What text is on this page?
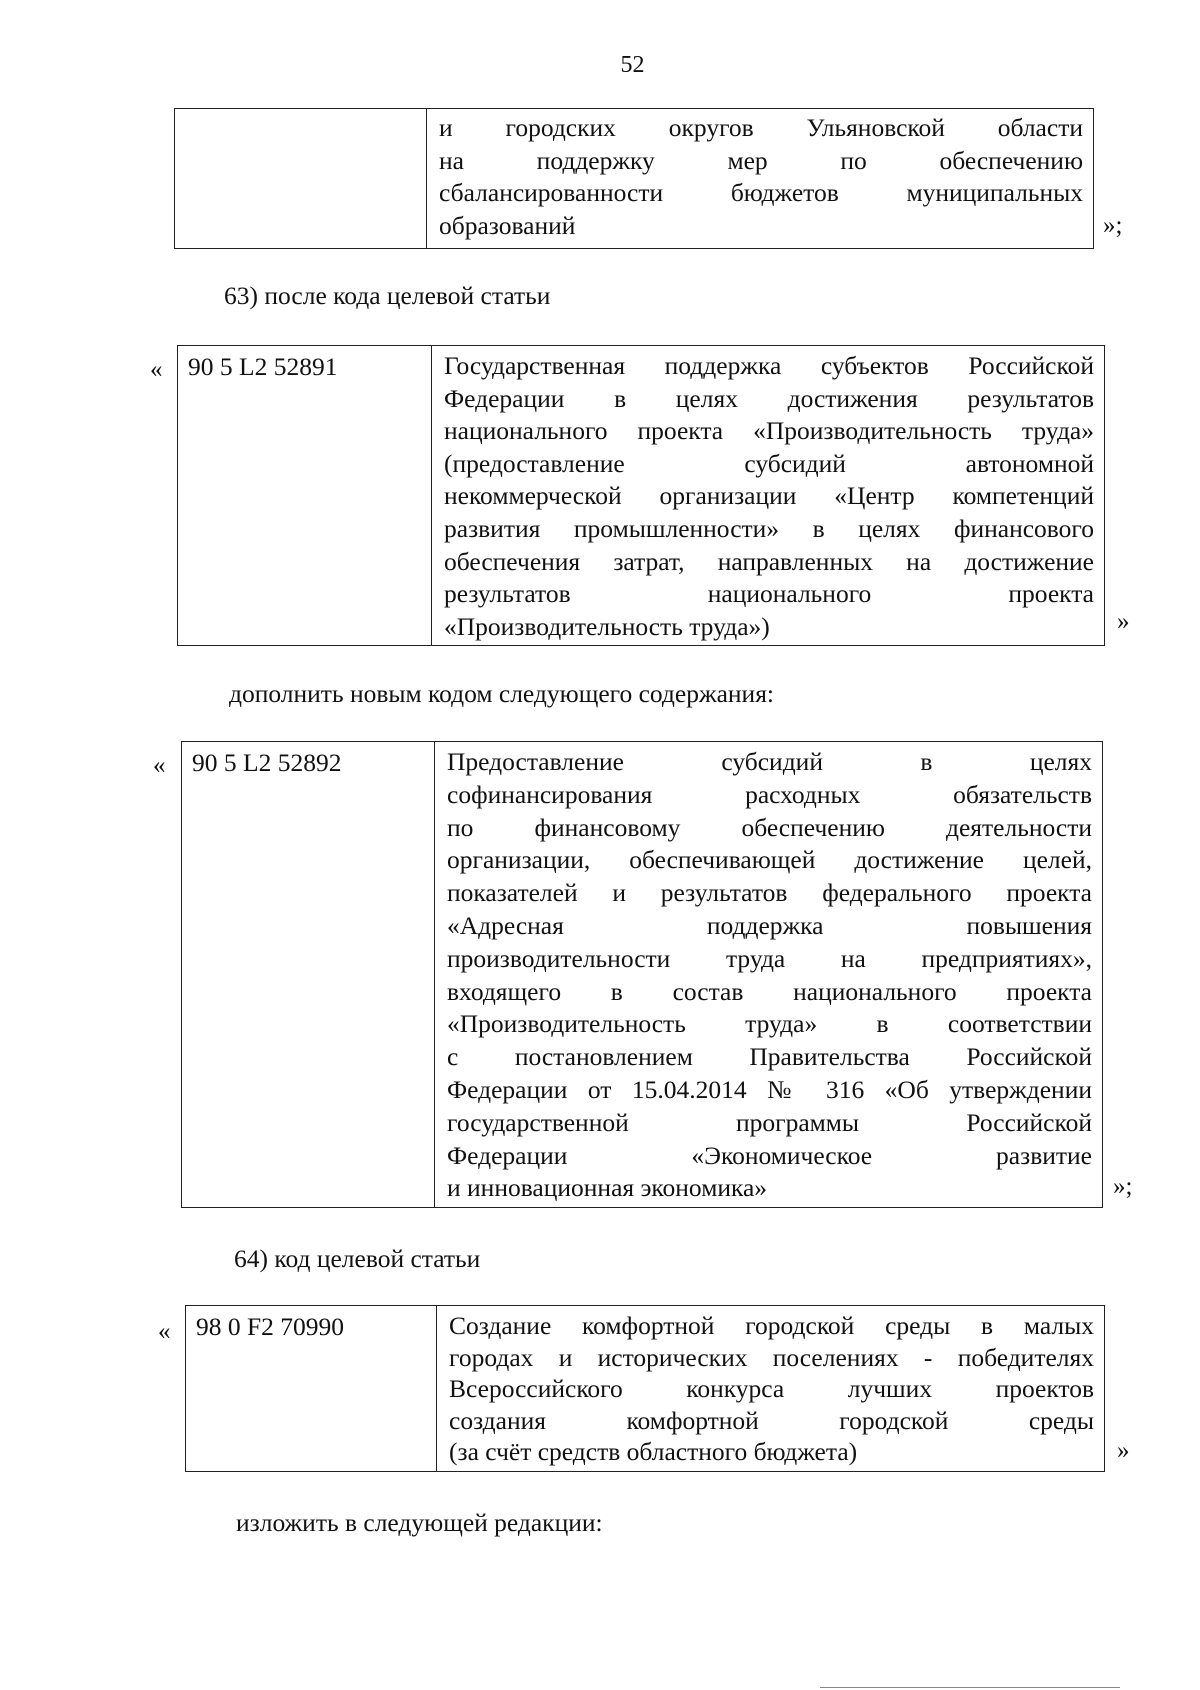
52
и городских округов Ульяновской области
на поддержку мер по обеспечению
сбалансированности бюджетов муниципальных
образований	»;
63) после кода целевой статьи
«	90 5 L2 52891	Государственная поддержка субъектов Российской
Федерации в целях достижения результатов
национального проекта «Производительность труда»
(предоставление субсидий автономной
некоммерческой организации «Центр компетенций
развития промышленности» в целях финансового
обеспечения затрат, направленных на достижение
результатов национального проекта
«Производительность труда»)	»
дополнить новым кодом следующего содержания:
«	90 5 L2 52892	Предоставление субсидий в целях
софинансирования расходных обязательств
по финансовому обеспечению деятельности
организации, обеспечивающей достижение целей,
показателей и результатов федерального проекта
«Адресная поддержка повышения
производительности труда на предприятиях»,
входящего в состав национального проекта
«Производительность труда» в соответствии
с постановлением Правительства Российской
Федерации от 15.04.2014 № 316 «Об утверждении
государственной программы Российской
Федерации «Экономическое развитие
и инновационная экономика»	»;
64) код целевой статьи
«	98 0 F2 70990	Создание комфортной городской среды в малых
городах и исторических поселениях - победителях
Всероссийского конкурса лучших проектов
создания комфортной городской среды
(за счёт средств областного бюджета)	»
изложить в следующей редакции:
